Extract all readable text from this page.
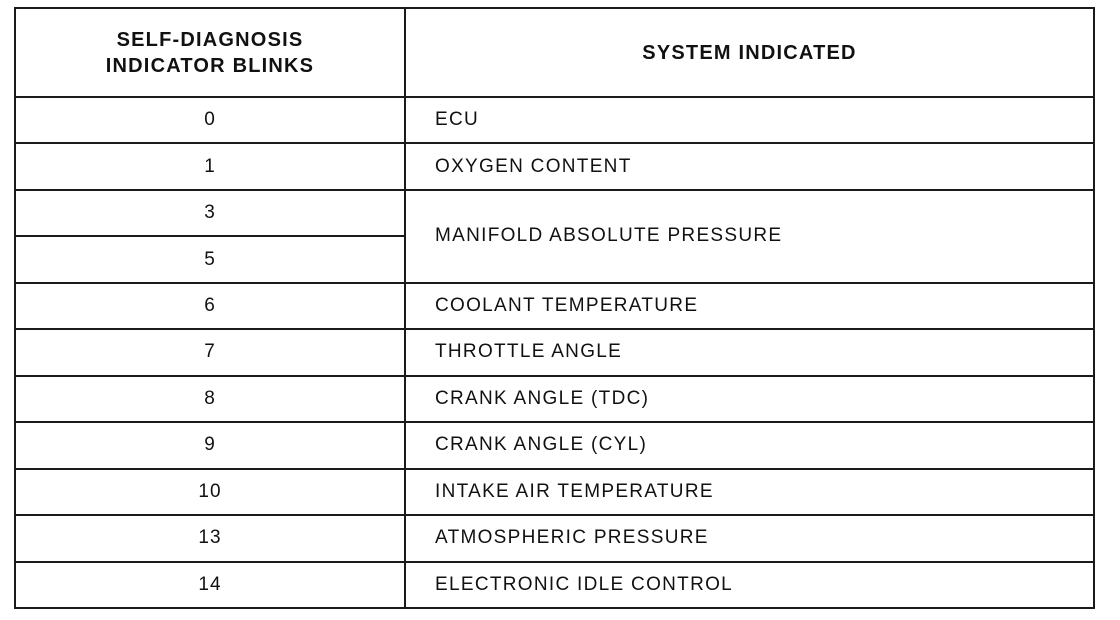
SELF-DIAGNOSIS
INDICATOR BLINKS	SYSTEM INDICATED
0	ECU
1	OXYGEN CONTENT
3	MANIFOLD ABSOLUTE PRESSURE
5	
6	COOLANT TEMPERATURE
7	THROTTLE ANGLE
8	CRANK ANGLE (TDC)
9	CRANK ANGLE (CYL)
10	INTAKE AIR TEMPERATURE
13	ATMOSPHERIC PRESSURE
14	ELECTRONIC IDLE CONTROL
